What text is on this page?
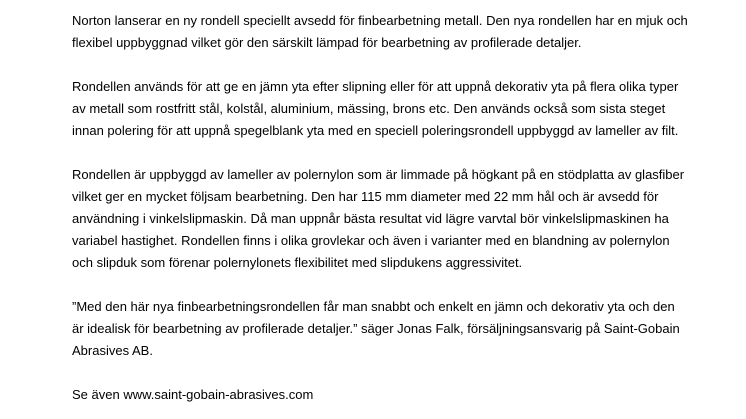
Norton lanserar en ny rondell speciellt avsedd för finbearbetning metall. Den nya rondellen har en mjuk och
flexibel uppbyggnad vilket gör den särskilt lämpad för bearbetning av profilerade detaljer.

Rondellen används för att ge en jämn yta efter slipning eller för att uppnå dekorativ yta på flera olika typer
av metall som rostfritt stål, kolstål, aluminium, mässing, brons etc. Den används också som sista steget
innan polering för att uppnå spegelblank yta med en speciell poleringsrondell uppbyggd av lameller av filt.

Rondellen är uppbyggd av lameller av polernylon som är limmade på högkant på en stödplatta av glasfiber
vilket ger en mycket följsam bearbetning. Den har 115 mm diameter med 22 mm hål och är avsedd för
användning i vinkelslipmaskin. Då man uppnår bästa resultat vid lägre varvtal bör vinkelslipmaskinen ha
variabel hastighet. Rondellen finns i olika grovlekar och även i varianter med en blandning av polernylon
och slipduk som förenar polernylonets flexibilitet med slipdukens aggressivitet.

”Med den här nya finbearbetningsrondellen får man snabbt och enkelt en jämn och dekorativ yta och den
är idealisk för bearbetning av profilerade detaljer.” säger Jonas Falk, försäljningsansvarig på Saint-Gobain
Abrasives AB.

Se även www.saint-gobain-abrasives.com
